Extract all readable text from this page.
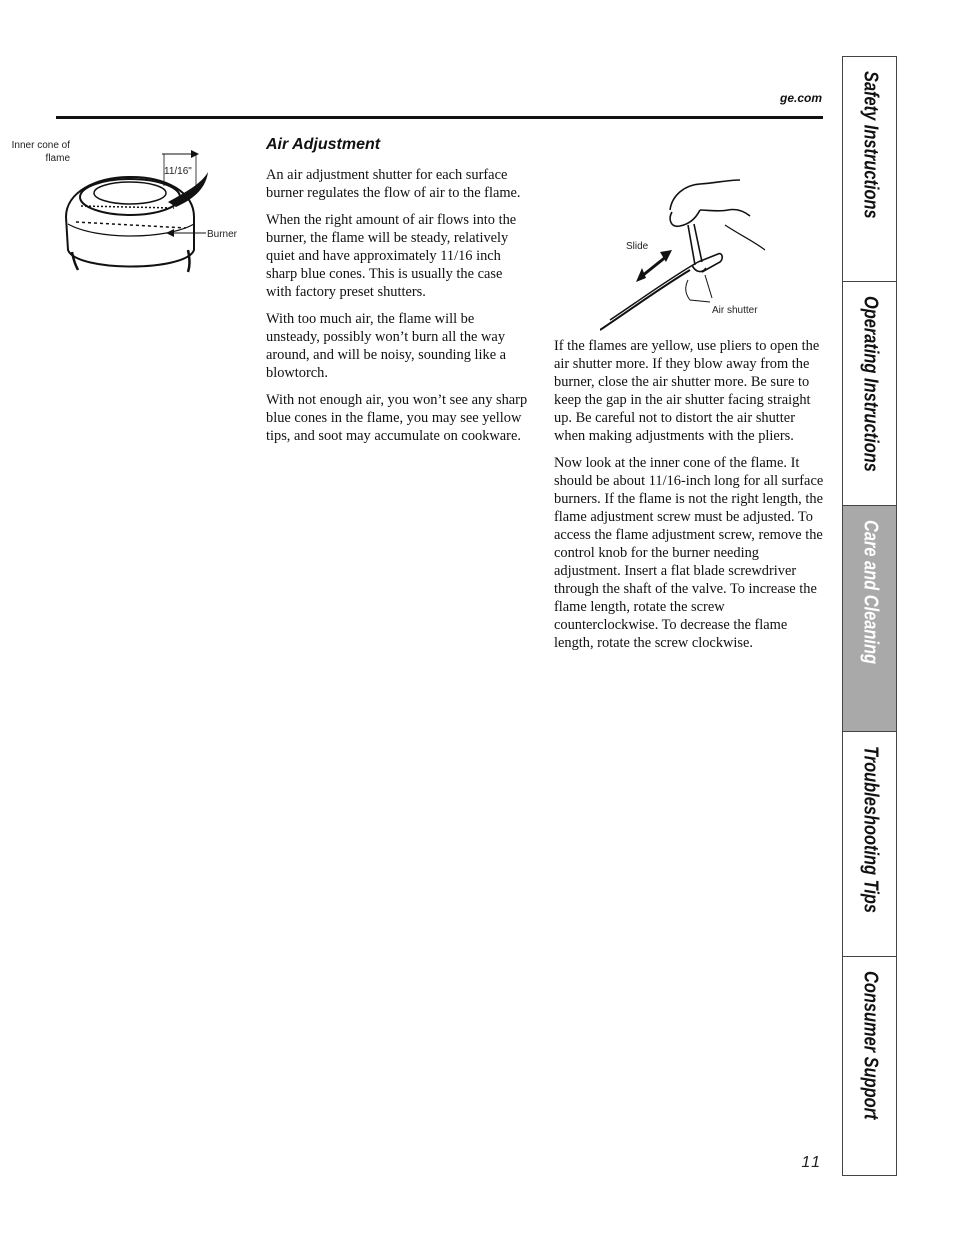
ge.com
Inner cone of flame
11/16"
Burner
Air Adjustment

An air adjustment shutter for each surface burner regulates the flow of air to the flame.

When the right amount of air flows into the burner, the flame will be steady, relatively quiet and have approximately 11/16 inch sharp blue cones. This is usually the case with factory preset shutters.

With too much air, the flame will be unsteady, possibly won’t burn all the way around, and will be noisy, sounding like a blowtorch.

With not enough air, you won’t see any sharp blue cones in the flame, you may see yellow tips, and soot may accumulate on cookware.

Slide
Air shutter

If the flames are yellow, use pliers to open the air shutter more. If they blow away from the burner, close the air shutter more. Be sure to keep the gap in the air shutter facing straight up. Be careful not to distort the air shutter when making adjustments with the pliers.

Now look at the inner cone of the flame. It should be about 11/16-inch long for all surface burners. If the flame is not the right length, the flame adjustment screw must be adjusted. To access the flame adjustment screw, remove the control knob for the burner needing adjustment. Insert a flat blade screwdriver through the shaft of the valve. To increase the flame length, rotate the screw counterclockwise. To decrease the flame length, rotate the screw clockwise.

11
Safety Instructions
Operating Instructions
Care and Cleaning
Troubleshooting Tips
Consumer Support
